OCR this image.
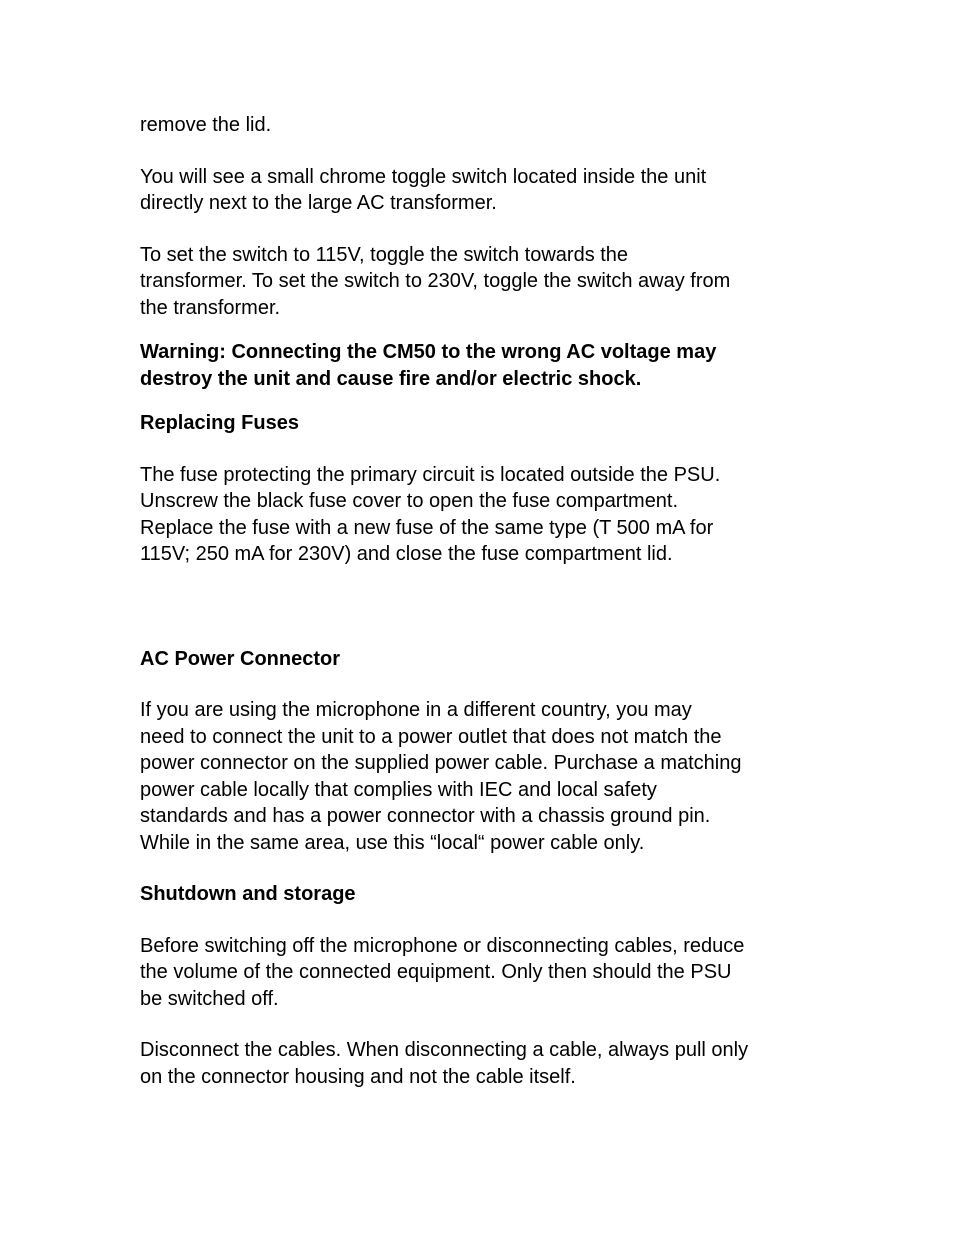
remove the lid.

You will see a small chrome toggle switch located inside the unit
directly next to the large AC transformer.

To set the switch to 115V, toggle the switch towards the
transformer. To set the switch to 230V, toggle the switch away from
the transformer.

Warning: Connecting the CM50 to the wrong AC voltage may
destroy the unit and cause fire and/or electric shock.

Replacing Fuses

The fuse protecting the primary circuit is located outside the PSU.
Unscrew the black fuse cover to open the fuse compartment.
Replace the fuse with a new fuse of the same type (T 500 mA for
115V; 250 mA for 230V) and close the fuse compartment lid.

AC Power Connector

If you are using the microphone in a different country, you may
need to connect the unit to a power outlet that does not match the
power connector on the supplied power cable. Purchase a matching
power cable locally that complies with IEC and local safety
standards and has a power connector with a chassis ground pin.
While in the same area, use this “local“ power cable only.

Shutdown and storage

Before switching off the microphone or disconnecting cables, reduce
the volume of the connected equipment. Only then should the PSU
be switched off.

Disconnect the cables. When disconnecting a cable, always pull only
on the connector housing and not the cable itself.
